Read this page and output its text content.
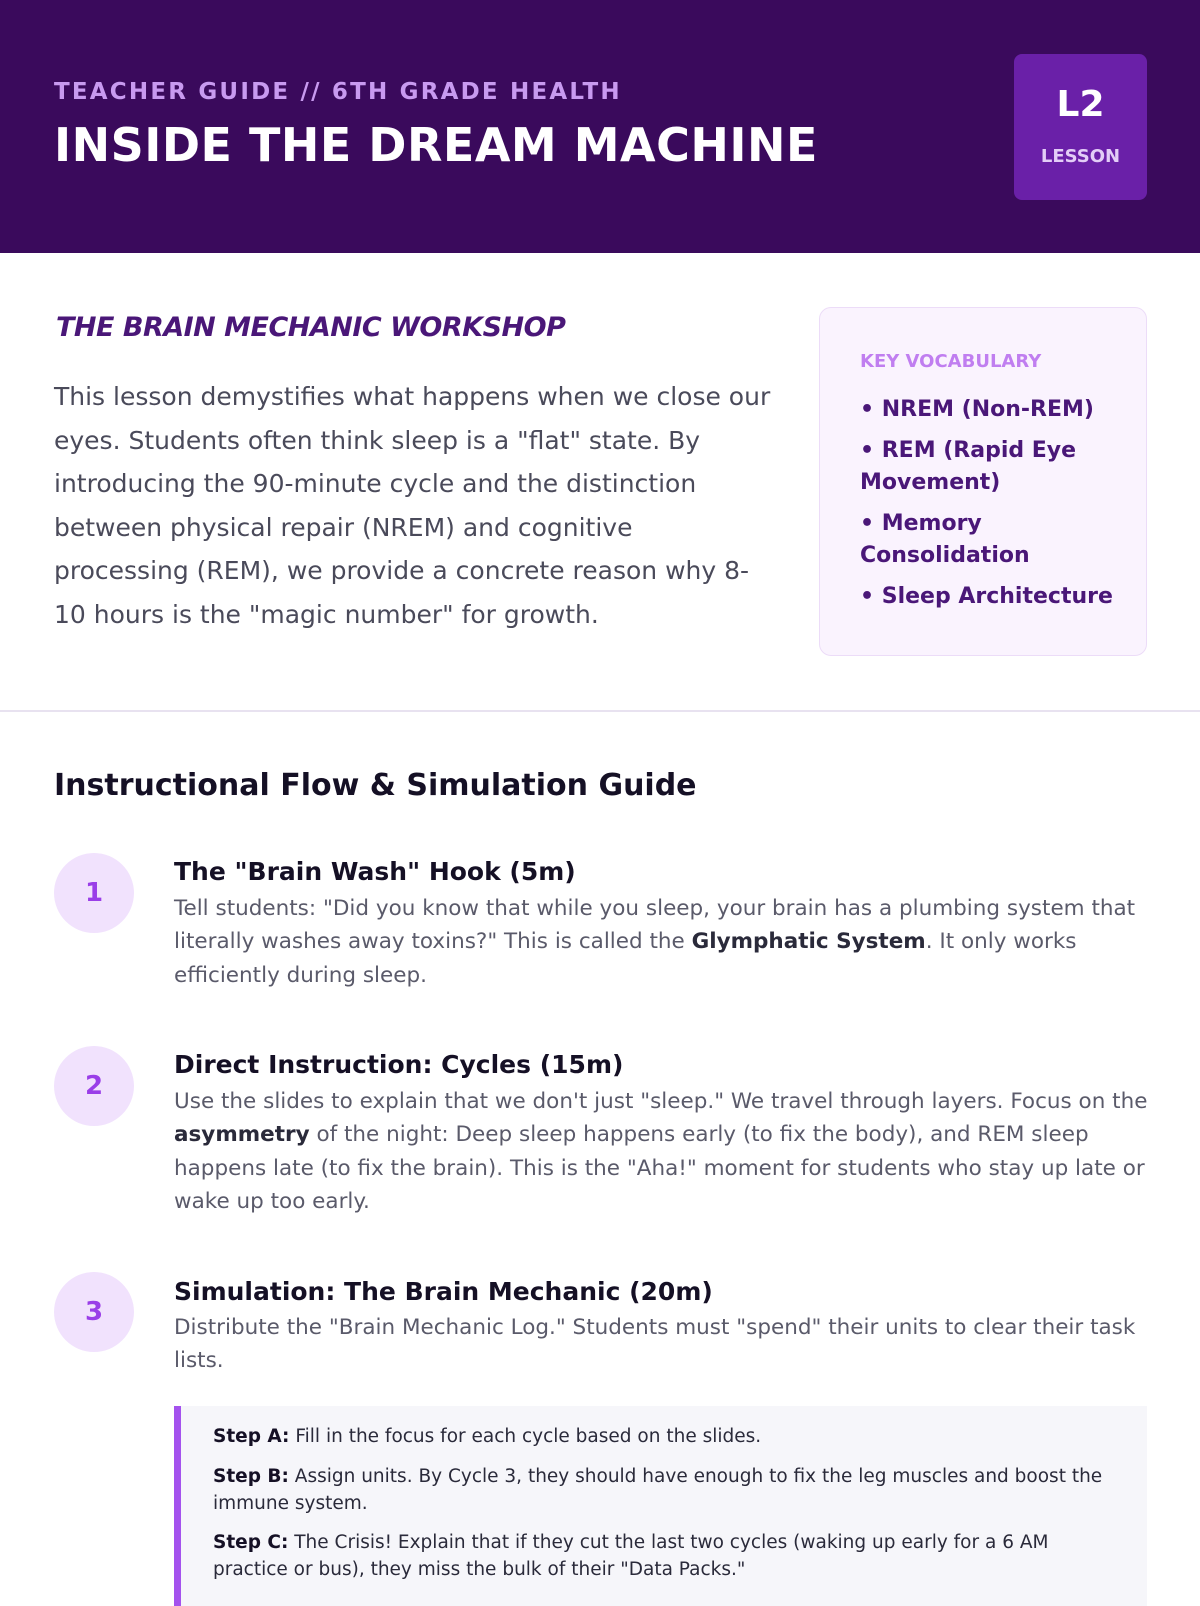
TEACHER GUIDE // 6TH GRADE HEALTH
INSIDE THE DREAM MACHINE
L2
LESSON
THE BRAIN MECHANIC WORKSHOP

This lesson demystifies what happens when we close our eyes. Students often think sleep is a "flat" state. By introducing the 90-minute cycle and the distinction between physical repair (NREM) and cognitive processing (REM), we provide a concrete reason why 8-10 hours is the "magic number" for growth.

KEY VOCABULARY
• NREM (Non-REM)
• REM (Rapid Eye Movement)
• Memory Consolidation
• Sleep Architecture
Instructional Flow & Simulation Guide
1
The "Brain Wash" Hook (5m)

Tell students: "Did you know that while you sleep, your brain has a plumbing system that literally washes away toxins?" This is called the Glymphatic System. It only works efficiently during sleep.

2
Direct Instruction: Cycles (15m)

Use the slides to explain that we don't just "sleep." We travel through layers. Focus on the asymmetry of the night: Deep sleep happens early (to fix the body), and REM sleep happens late (to fix the brain). This is the "Aha!" moment for students who stay up late or wake up too early.

3
Simulation: The Brain Mechanic (20m)

Distribute the "Brain Mechanic Log." Students must "spend" their units to clear their task lists.

Step A: Fill in the focus for each cycle based on the slides.

Step B: Assign units. By Cycle 3, they should have enough to fix the leg muscles and boost the immune system.

Step C: The Crisis! Explain that if they cut the last two cycles (waking up early for a 6 AM practice or bus), they miss the bulk of their "Data Packs."
